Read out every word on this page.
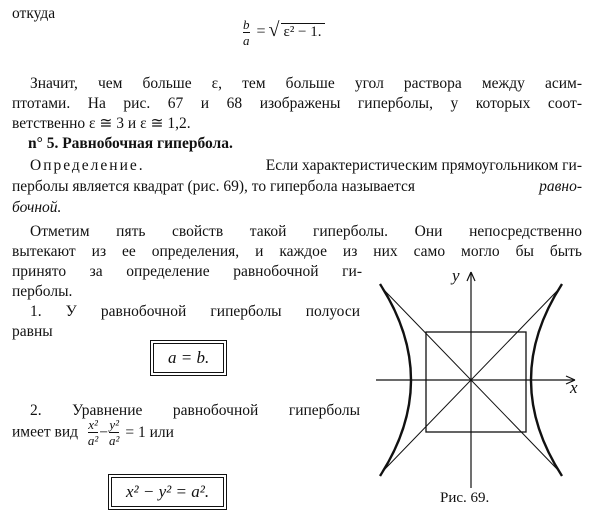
откуда
$\frac{b}{a}$ = √ ε² − 1.
Значит, чем больше ε, тем больше угол раствора между асим-
птотами. На рис. 67 и 68 изображены гиперболы, у которых соот-
ветственно ε ≅ 3 и ε ≅ 1,2.
n° 5. Равнобочная гипербола.
Определение.	Если характеристическим прямоугольником ги-
перболы является квадрат (рис. 69), то гипербола называется	равно-
бочной.
Отметим пять свойств такой гиперболы. Они непосредственно
вытекают из ее определения, и каждое из них само могло бы быть
принято за определение равнобочной ги-
перболы.
1. У равнобочной гиперболы полуоси
равны
a = b.
2. Уравнение равнобочной гиперболы
имеет вид $\frac{\text{x²}}{\text{a²}} - \frac{\text{y²}}{\text{a²}} = 1$ или
x² − y² = a².
y
x
Рис. 69.
